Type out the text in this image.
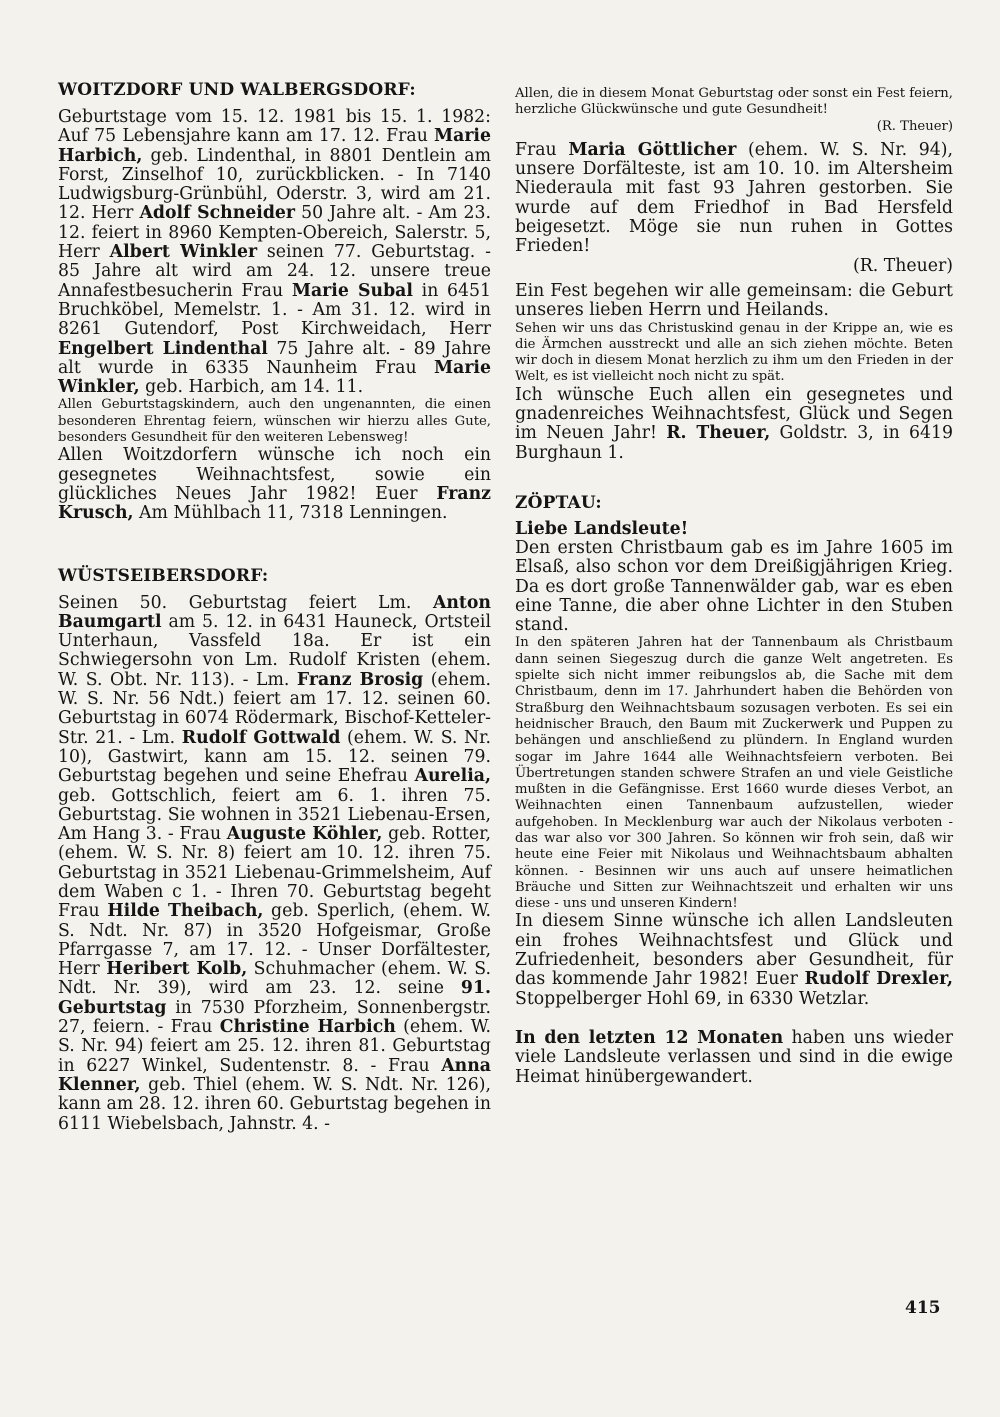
WOITZDORF UND WALBERGSDORF:

Geburtstage vom 15. 12. 1981 bis 15. 1. 1982: Auf 75 Lebensjahre kann am 17. 12. Frau Marie Harbich, geb. Lindenthal, in 8801 Dentlein am Forst, Zinselhof 10, zurückblicken. - In 7140 Ludwigsburg-Grünbühl, Oderstr. 3, wird am 21. 12. Herr Adolf Schneider 50 Jahre alt. - Am 23. 12. feiert in 8960 Kempten-Obereich, Salerstr. 5, Herr Albert Winkler seinen 77. Geburtstag. - 85 Jahre alt wird am 24. 12. unsere treue Annafestbesucherin Frau Marie Subal in 6451 Bruchköbel, Memelstr. 1. - Am 31. 12. wird in 8261 Gutendorf, Post Kirchweidach, Herr Engelbert Lindenthal 75 Jahre alt. - 89 Jahre alt wurde in 6335 Naunheim Frau Marie Winkler, geb. Harbich, am 14. 11.

Allen Geburtstagskindern, auch den ungenannten, die einen besonderen Ehrentag feiern, wünschen wir hierzu alles Gute, besonders Gesundheit für den weiteren Lebensweg!

Allen Woitzdorfern wünsche ich noch ein gesegnetes Weihnachtsfest, sowie ein glückliches Neues Jahr 1982! Euer Franz Krusch, Am Mühlbach 11, 7318 Lenningen.

WÜSTSEIBERSDORF:

Seinen 50. Geburtstag feiert Lm. Anton Baumgartl am 5. 12. in 6431 Hauneck, Ortsteil Unterhaun, Vassfeld 18a. Er ist ein Schwiegersohn von Lm. Rudolf Kristen (ehem. W. S. Obt. Nr. 113). - Lm. Franz Brosig (ehem. W. S. Nr. 56 Ndt.) feiert am 17. 12. seinen 60. Geburtstag in 6074 Rödermark, Bischof-Ketteler-Str. 21. - Lm. Rudolf Gottwald (ehem. W. S. Nr. 10), Gastwirt, kann am 15. 12. seinen 79. Geburtstag begehen und seine Ehefrau Aurelia, geb. Gottschlich, feiert am 6. 1. ihren 75. Geburtstag. Sie wohnen in 3521 Liebenau-Ersen, Am Hang 3. - Frau Auguste Köhler, geb. Rotter, (ehem. W. S. Nr. 8) feiert am 10. 12. ihren 75. Geburtstag in 3521 Liebenau-Grimmelsheim, Auf dem Waben c 1. - Ihren 70. Geburtstag begeht Frau Hilde Theibach, geb. Sperlich, (ehem. W. S. Ndt. Nr. 87) in 3520 Hofgeismar, Große Pfarrgasse 7, am 17. 12. - Unser Dorfältester, Herr Heribert Kolb, Schuhmacher (ehem. W. S. Ndt. Nr. 39), wird am 23. 12. seine 91. Geburtstag in 7530 Pforzheim, Sonnenbergstr. 27, feiern. - Frau Christine Harbich (ehem. W. S. Nr. 94) feiert am 25. 12. ihren 81. Geburtstag in 6227 Winkel, Sudentenstr. 8. - Frau Anna Klenner, geb. Thiel (ehem. W. S. Ndt. Nr. 126), kann am 28. 12. ihren 60. Geburtstag begehen in 6111 Wiebelsbach, Jahnstr. 4. -

Allen, die in diesem Monat Geburtstag oder sonst ein Fest feiern, herzliche Glückwünsche und gute Gesundheit!
(R. Theuer)

Frau Maria Göttlicher (ehem. W. S. Nr. 94), unsere Dorfälteste, ist am 10. 10. im Altersheim Niederaula mit fast 93 Jahren gestorben. Sie wurde auf dem Friedhof in Bad Hersfeld beigesetzt. Möge sie nun ruhen in Gottes Frieden!
(R. Theuer)

Ein Fest begehen wir alle gemeinsam: die Geburt unseres lieben Herrn und Heilands.

Sehen wir uns das Christuskind genau in der Krippe an, wie es die Ärmchen ausstreckt und alle an sich ziehen möchte. Beten wir doch in diesem Monat herzlich zu ihm um den Frieden in der Welt, es ist vielleicht noch nicht zu spät.

Ich wünsche Euch allen ein gesegnetes und gnadenreiches Weihnachtsfest, Glück und Segen im Neuen Jahr! R. Theuer, Goldstr. 3, in 6419 Burghaun 1.

ZÖPTAU:
Liebe Landsleute!

Den ersten Christbaum gab es im Jahre 1605 im Elsaß, also schon vor dem Dreißigjährigen Krieg. Da es dort große Tannenwälder gab, war es eben eine Tanne, die aber ohne Lichter in den Stuben stand.

In den späteren Jahren hat der Tannenbaum als Christbaum dann seinen Siegeszug durch die ganze Welt angetreten. Es spielte sich nicht immer reibungslos ab, die Sache mit dem Christbaum, denn im 17. Jahrhundert haben die Behörden von Straßburg den Weihnachtsbaum sozusagen verboten. Es sei ein heidnischer Brauch, den Baum mit Zuckerwerk und Puppen zu behängen und anschließend zu plündern. In England wurden sogar im Jahre 1644 alle Weihnachtsfeiern verboten. Bei Übertretungen standen schwere Strafen an und viele Geistliche mußten in die Gefängnisse. Erst 1660 wurde dieses Verbot, an Weihnachten einen Tannenbaum aufzustellen, wieder aufgehoben. In Mecklenburg war auch der Nikolaus verboten - das war also vor 300 Jahren. So können wir froh sein, daß wir heute eine Feier mit Nikolaus und Weihnachtsbaum abhalten können. - Besinnen wir uns auch auf unsere heimatlichen Bräuche und Sitten zur Weihnachtszeit und erhalten wir uns diese - uns und unseren Kindern!

In diesem Sinne wünsche ich allen Landsleuten ein frohes Weihnachtsfest und Glück und Zufriedenheit, besonders aber Gesundheit, für das kommende Jahr 1982! Euer Rudolf Drexler, Stoppelberger Hohl 69, in 6330 Wetzlar.

In den letzten 12 Monaten haben uns wieder viele Landsleute verlassen und sind in die ewige Heimat hinübergewandert.

415
